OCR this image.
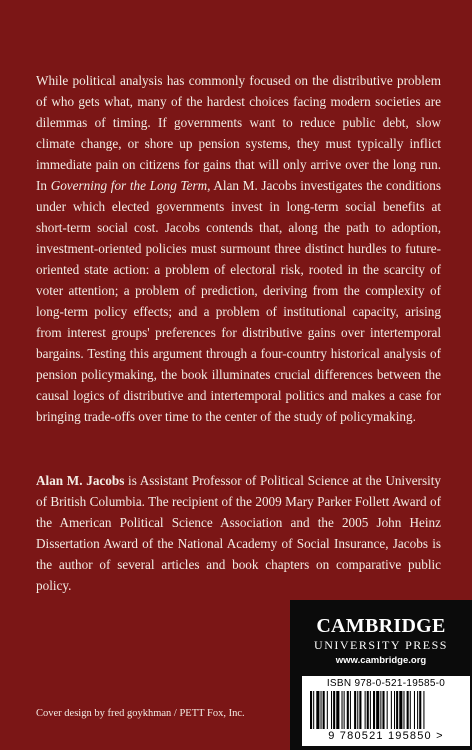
While political analysis has commonly focused on the distributive problem of who gets what, many of the hardest choices facing modern societies are dilemmas of timing. If governments want to reduce public debt, slow climate change, or shore up pension systems, they must typically inflict immediate pain on citizens for gains that will only arrive over the long run. In Governing for the Long Term, Alan M. Jacobs investigates the conditions under which elected governments invest in long-term social benefits at short-term social cost. Jacobs contends that, along the path to adoption, investment-oriented policies must surmount three distinct hurdles to future-oriented state action: a problem of electoral risk, rooted in the scarcity of voter attention; a problem of prediction, deriving from the complexity of long-term policy effects; and a problem of institutional capacity, arising from interest groups' preferences for distributive gains over intertemporal bargains. Testing this argument through a four-country historical analysis of pension policymaking, the book illuminates crucial differences between the causal logics of distributive and intertemporal politics and makes a case for bringing trade-offs over time to the center of the study of policymaking.

Alan M. Jacobs is Assistant Professor of Political Science at the University of British Columbia. The recipient of the 2009 Mary Parker Follett Award of the American Political Science Association and the 2005 John Heinz Dissertation Award of the National Academy of Social Insurance, Jacobs is the author of several articles and book chapters on comparative public policy.

Cover design by fred goykhman / PETT Fox, Inc.
CAMBRIDGE
UNIVERSITY PRESS
www.cambridge.org
ISBN 978-0-521-19585-0
9 780521 195850 >
